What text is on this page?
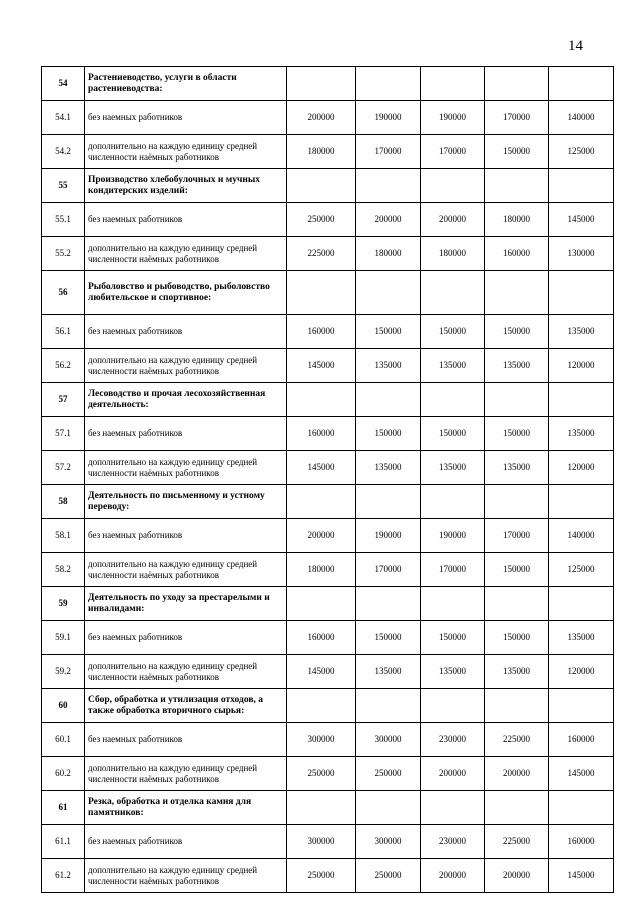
14
54	Растениеводство, услуги в области растениеводства:					
54.1	без наемных работников	200000	190000	190000	170000	140000
54.2	дополнительно на каждую единицу средней численности наёмных работников	180000	170000	170000	150000	125000
55	Производство хлебобулочных и мучных кондитерских изделий:					
55.1	без наемных работников	250000	200000	200000	180000	145000
55.2	дополнительно на каждую единицу средней численности наёмных работников	225000	180000	180000	160000	130000
56	Рыболовство и рыбоводство, рыболовство любительское и спортивное:					
56.1	без наемных работников	160000	150000	150000	150000	135000
56.2	дополнительно на каждую единицу средней численности наёмных работников	145000	135000	135000	135000	120000
57	Лесоводство и прочая лесохозяйственная деятельность:					
57.1	без наемных работников	160000	150000	150000	150000	135000
57.2	дополнительно на каждую единицу средней численности наёмных работников	145000	135000	135000	135000	120000
58	Деятельность по письменному и устному переводу:					
58.1	без наемных работников	200000	190000	190000	170000	140000
58.2	дополнительно на каждую единицу средней численности наёмных работников	180000	170000	170000	150000	125000
59	Деятельность по уходу за престарелыми и инвалидами:					
59.1	без наемных работников	160000	150000	150000	150000	135000
59.2	дополнительно на каждую единицу средней численности наёмных работников	145000	135000	135000	135000	120000
60	Сбор, обработка и утилизация отходов, а также обработка вторичного сырья:					
60.1	без наемных работников	300000	300000	230000	225000	160000
60.2	дополнительно на каждую единицу средней численности наёмных работников	250000	250000	200000	200000	145000
61	Резка, обработка и отделка камня для памятников:					
61.1	без наемных работников	300000	300000	230000	225000	160000
61.2	дополнительно на каждую единицу средней численности наёмных работников	250000	250000	200000	200000	145000
